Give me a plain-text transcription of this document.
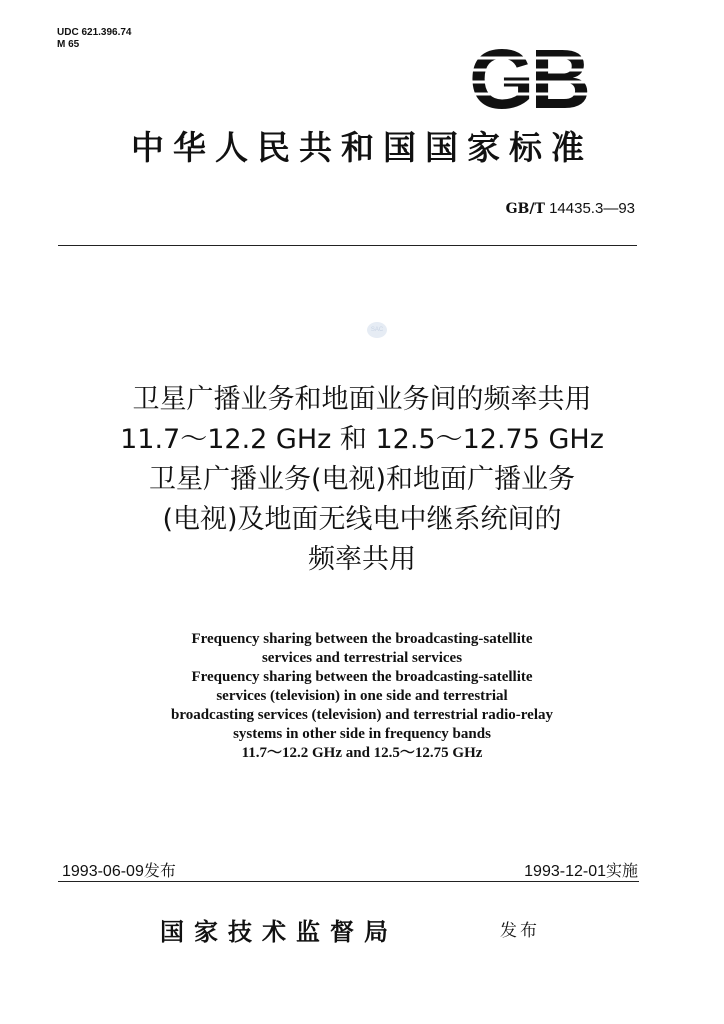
UDC 621.396.74
M 65	GB
中华人民共和国国家标准
GB/T 14435.3—93
SAC
卫星广播业务和地面业务间的频率共用
11.7～12.2 GHz 和 12.5～12.75 GHz
卫星广播业务(电视)和地面广播业务
(电视)及地面无线电中继系统间的
频率共用
Frequency sharing between the broadcasting-satellite
services and terrestrial services
Frequency sharing between the broadcasting-satellite
services (television) in one side and terrestrial
broadcasting services (television) and terrestrial radio-relay
systems in other side in frequency bands
11.7～12.2 GHz and 12.5～12.75 GHz
1993-06-09发布	1993-12-01实施
国家技术监督局	发布
